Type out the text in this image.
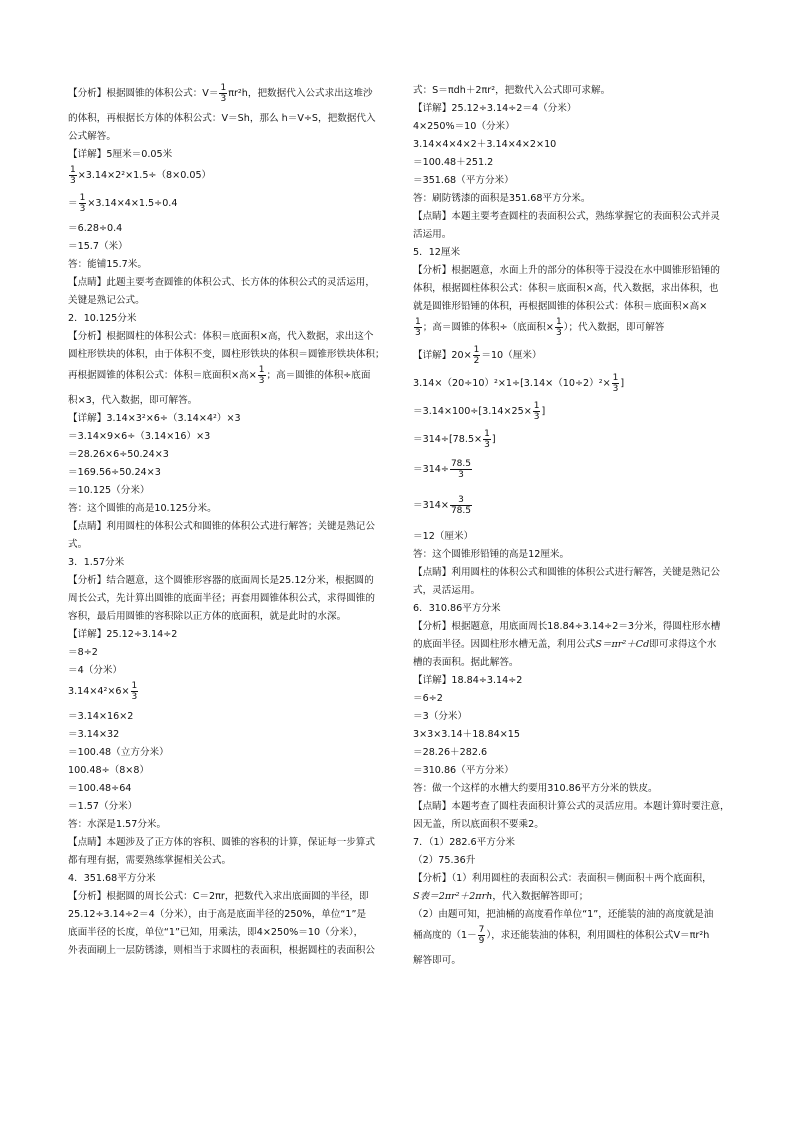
【分析】根据圆锥的体积公式：$V= \frac{1}{3} \pi r^2h$，把数据代入公式求出这堆沙
的体积，再根据长方体的体积公式：V＝Sh，那么 h＝V÷S，把数据代入
公式解答。
【详解】5厘米＝0.05米
$\frac{1}{3} \times 3.14\times 2^2\times 1.5\div(8\times 0.05)$
＝ $\frac{1}{3} \times 3.14\times 4\times 1.5\div 0.4$
＝6.28÷0.4
＝15.7（米）
答：能铺15.7米。
【点睛】此题主要考查圆锥的体积公式、长方体的体积公式的灵活运用，
关键是熟记公式。
2．10.125分米
【分析】根据圆柱的体积公式：体积＝底面积×高，代入数据，求出这个
圆柱形铁块的体积，由于体积不变，圆柱形铁块的体积＝圆锥形铁块体积；
再根据圆锥的体积公式：体积＝底面积×高× $\frac{1}{3}$ ；高＝圆锥的体积÷底面
积×3，代入数据，即可解答。
【详解】3.14×3²×6÷（3.14×4²）×3
＝3.14×9×6÷（3.14×16）×3
＝28.26×6÷50.24×3
＝169.56÷50.24×3
＝10.125（分米）
答：这个圆锥的高是10.125分米。
【点睛】利用圆柱的体积公式和圆锥的体积公式进行解答；关键是熟记公
式。
3．1.57分米
【分析】结合题意，这个圆锥形容器的底面周长是25.12分米，根据圆的
周长公式，先计算出圆锥的底面半径；再套用圆锥体积公式，求得圆锥的
容积，最后用圆锥的容积除以正方体的底面积，就是此时的水深。
【详解】25.12÷3.14÷2
＝8÷2
＝4（分米）
$3.14\times 4^2\times 6\times \frac{1}{3}$
＝3.14×16×2
＝3.14×32
＝100.48（立方分米）
100.48÷（8×8）
＝100.48÷64
＝1.57（分米）
答：水深是1.57分米。
【点睛】本题涉及了正方体的容积、圆锥的容积的计算，保证每一步算式
都有理有据，需要熟练掌握相关公式。
4．351.68平方分米
【分析】根据圆的周长公式：C＝2πr，把数代入求出底面圆的半径，即
25.12÷3.14÷2＝4（分米），由于高是底面半径的250%，单位“1”是
底面半径的长度，单位“1”已知，用乘法，即4×250%＝10（分米），
外表面刷上一层防锈漆，则相当于求圆柱的表面积，根据圆柱的表面积公
式：S＝πdh＋2πr²，把数代入公式即可求解。
【详解】25.12÷3.14÷2＝4（分米）
4×250%＝10（分米）
3.14×4×4×2＋3.14×4×2×10
＝100.48＋251.2
＝351.68（平方分米）
答：刷防锈漆的面积是351.68平方分米。
【点睛】本题主要考查圆柱的表面积公式，熟练掌握它的表面积公式并灵
活运用。
5．12厘米
【分析】根据题意，水面上升的部分的体积等于浸没在水中圆锥形铅锤的
体积，根据圆柱体积公式：体积＝底面积×高，代入数据，求出体积，也
就是圆锥形铅锤的体积，再根据圆锥的体积公式：体积＝底面积×高×
$\frac{1}{3}$ ；高＝圆锥的体积÷（底面积× $\frac{1}{3}$ ）；代入数据，即可解答
【详解】$20\times \frac{1}{2} =10$（厘米）
$3.14\times(20\div 10)^2\times 1\div[3.14\times(10\div 2)^2\times \frac{1}{3}$ ]
$=3.14\times 100\div[3.14\times 25\times \frac{1}{3}$ ]
$=314\div[78.5\times \frac{1}{3}$ ]
$=314\div \frac{78.5}{3}$
$=314\times \frac{3}{78.5}$
＝12（厘米）
答：这个圆锥形铅锤的高是12厘米。
【点睛】利用圆柱的体积公式和圆锥的体积公式进行解答，关键是熟记公
式，灵活运用。
6．310.86平方分米
【分析】根据题意，用底面周长18.84÷3.14÷2＝3分米，得圆柱形水槽
的底面半径。因圆柱形水槽无盖，利用公式S＝πr²＋Cd即可求得这个水
槽的表面积。据此解答。
【详解】18.84÷3.14÷2
＝6÷2
＝3（分米）
3×3×3.14＋18.84×15
＝28.26＋282.6
＝310.86（平方分米）
答：做一个这样的水槽大约要用310.86平方分米的铁皮。
【点睛】本题考查了圆柱表面积计算公式的灵活应用。本题计算时要注意，
因无盖，所以底面积不要乘2。
7．（1）282.6平方分米
（2）75.36升
【分析】（1）利用圆柱的表面积公式：表面积＝侧面积＋两个底面积，
S表＝2πr²＋2πrh，代入数据解答即可；
（2）由题可知，把油桶的高度看作单位“1”，还能装的油的高度就是油
桶高度的（$1- \frac{7}{9}$ ），求还能装油的体积，利用圆柱的体积公式V＝πr²h
解答即可。
